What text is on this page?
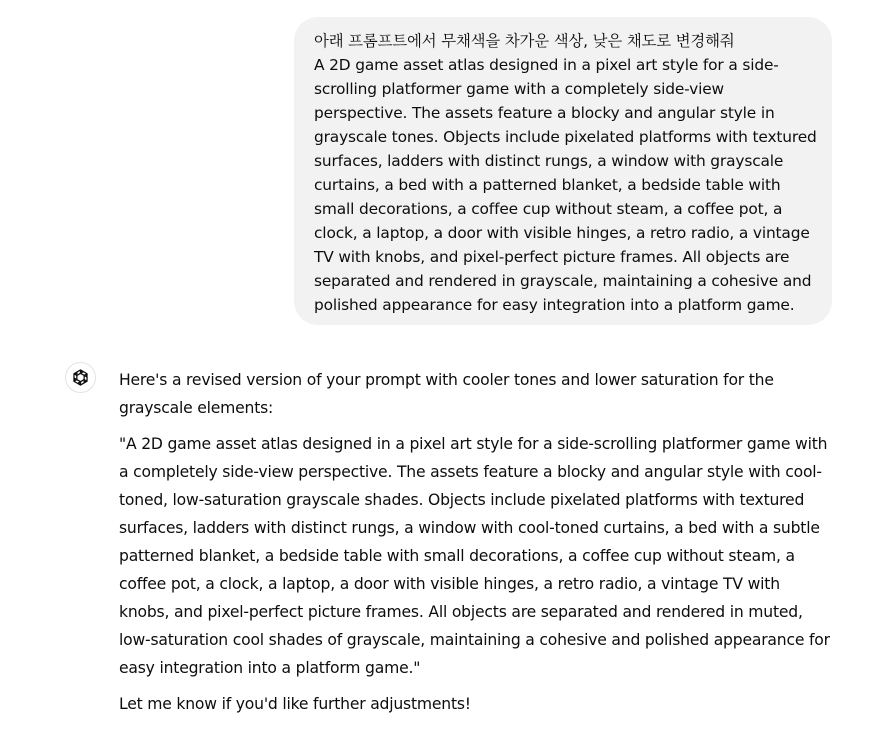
아래 프롬프트에서 무채색을 차가운 색상, 낮은 채도로 변경해줘

A 2D game asset atlas designed in a pixel art style for a side-scrolling platformer game with a completely side-view perspective. The assets feature a blocky and angular style in grayscale tones. Objects include pixelated platforms with textured surfaces, ladders with distinct rungs, a window with grayscale curtains, a bed with a patterned blanket, a bedside table with small decorations, a coffee cup without steam, a coffee pot, a clock, a laptop, a door with visible hinges, a retro radio, a vintage TV with knobs, and pixel-perfect picture frames. All objects are separated and rendered in grayscale, maintaining a cohesive and polished appearance for easy integration into a platform game.

Here's a revised version of your prompt with cooler tones and lower saturation for the grayscale elements:

"A 2D game asset atlas designed in a pixel art style for a side-scrolling platformer game with a completely side-view perspective. The assets feature a blocky and angular style with cool-toned, low-saturation grayscale shades. Objects include pixelated platforms with textured surfaces, ladders with distinct rungs, a window with cool-toned curtains, a bed with a subtle patterned blanket, a bedside table with small decorations, a coffee cup without steam, a coffee pot, a clock, a laptop, a door with visible hinges, a retro radio, a vintage TV with knobs, and pixel-perfect picture frames. All objects are separated and rendered in muted, low-saturation cool shades of grayscale, maintaining a cohesive and polished appearance for easy integration into a platform game."

Let me know if you'd like further adjustments!
